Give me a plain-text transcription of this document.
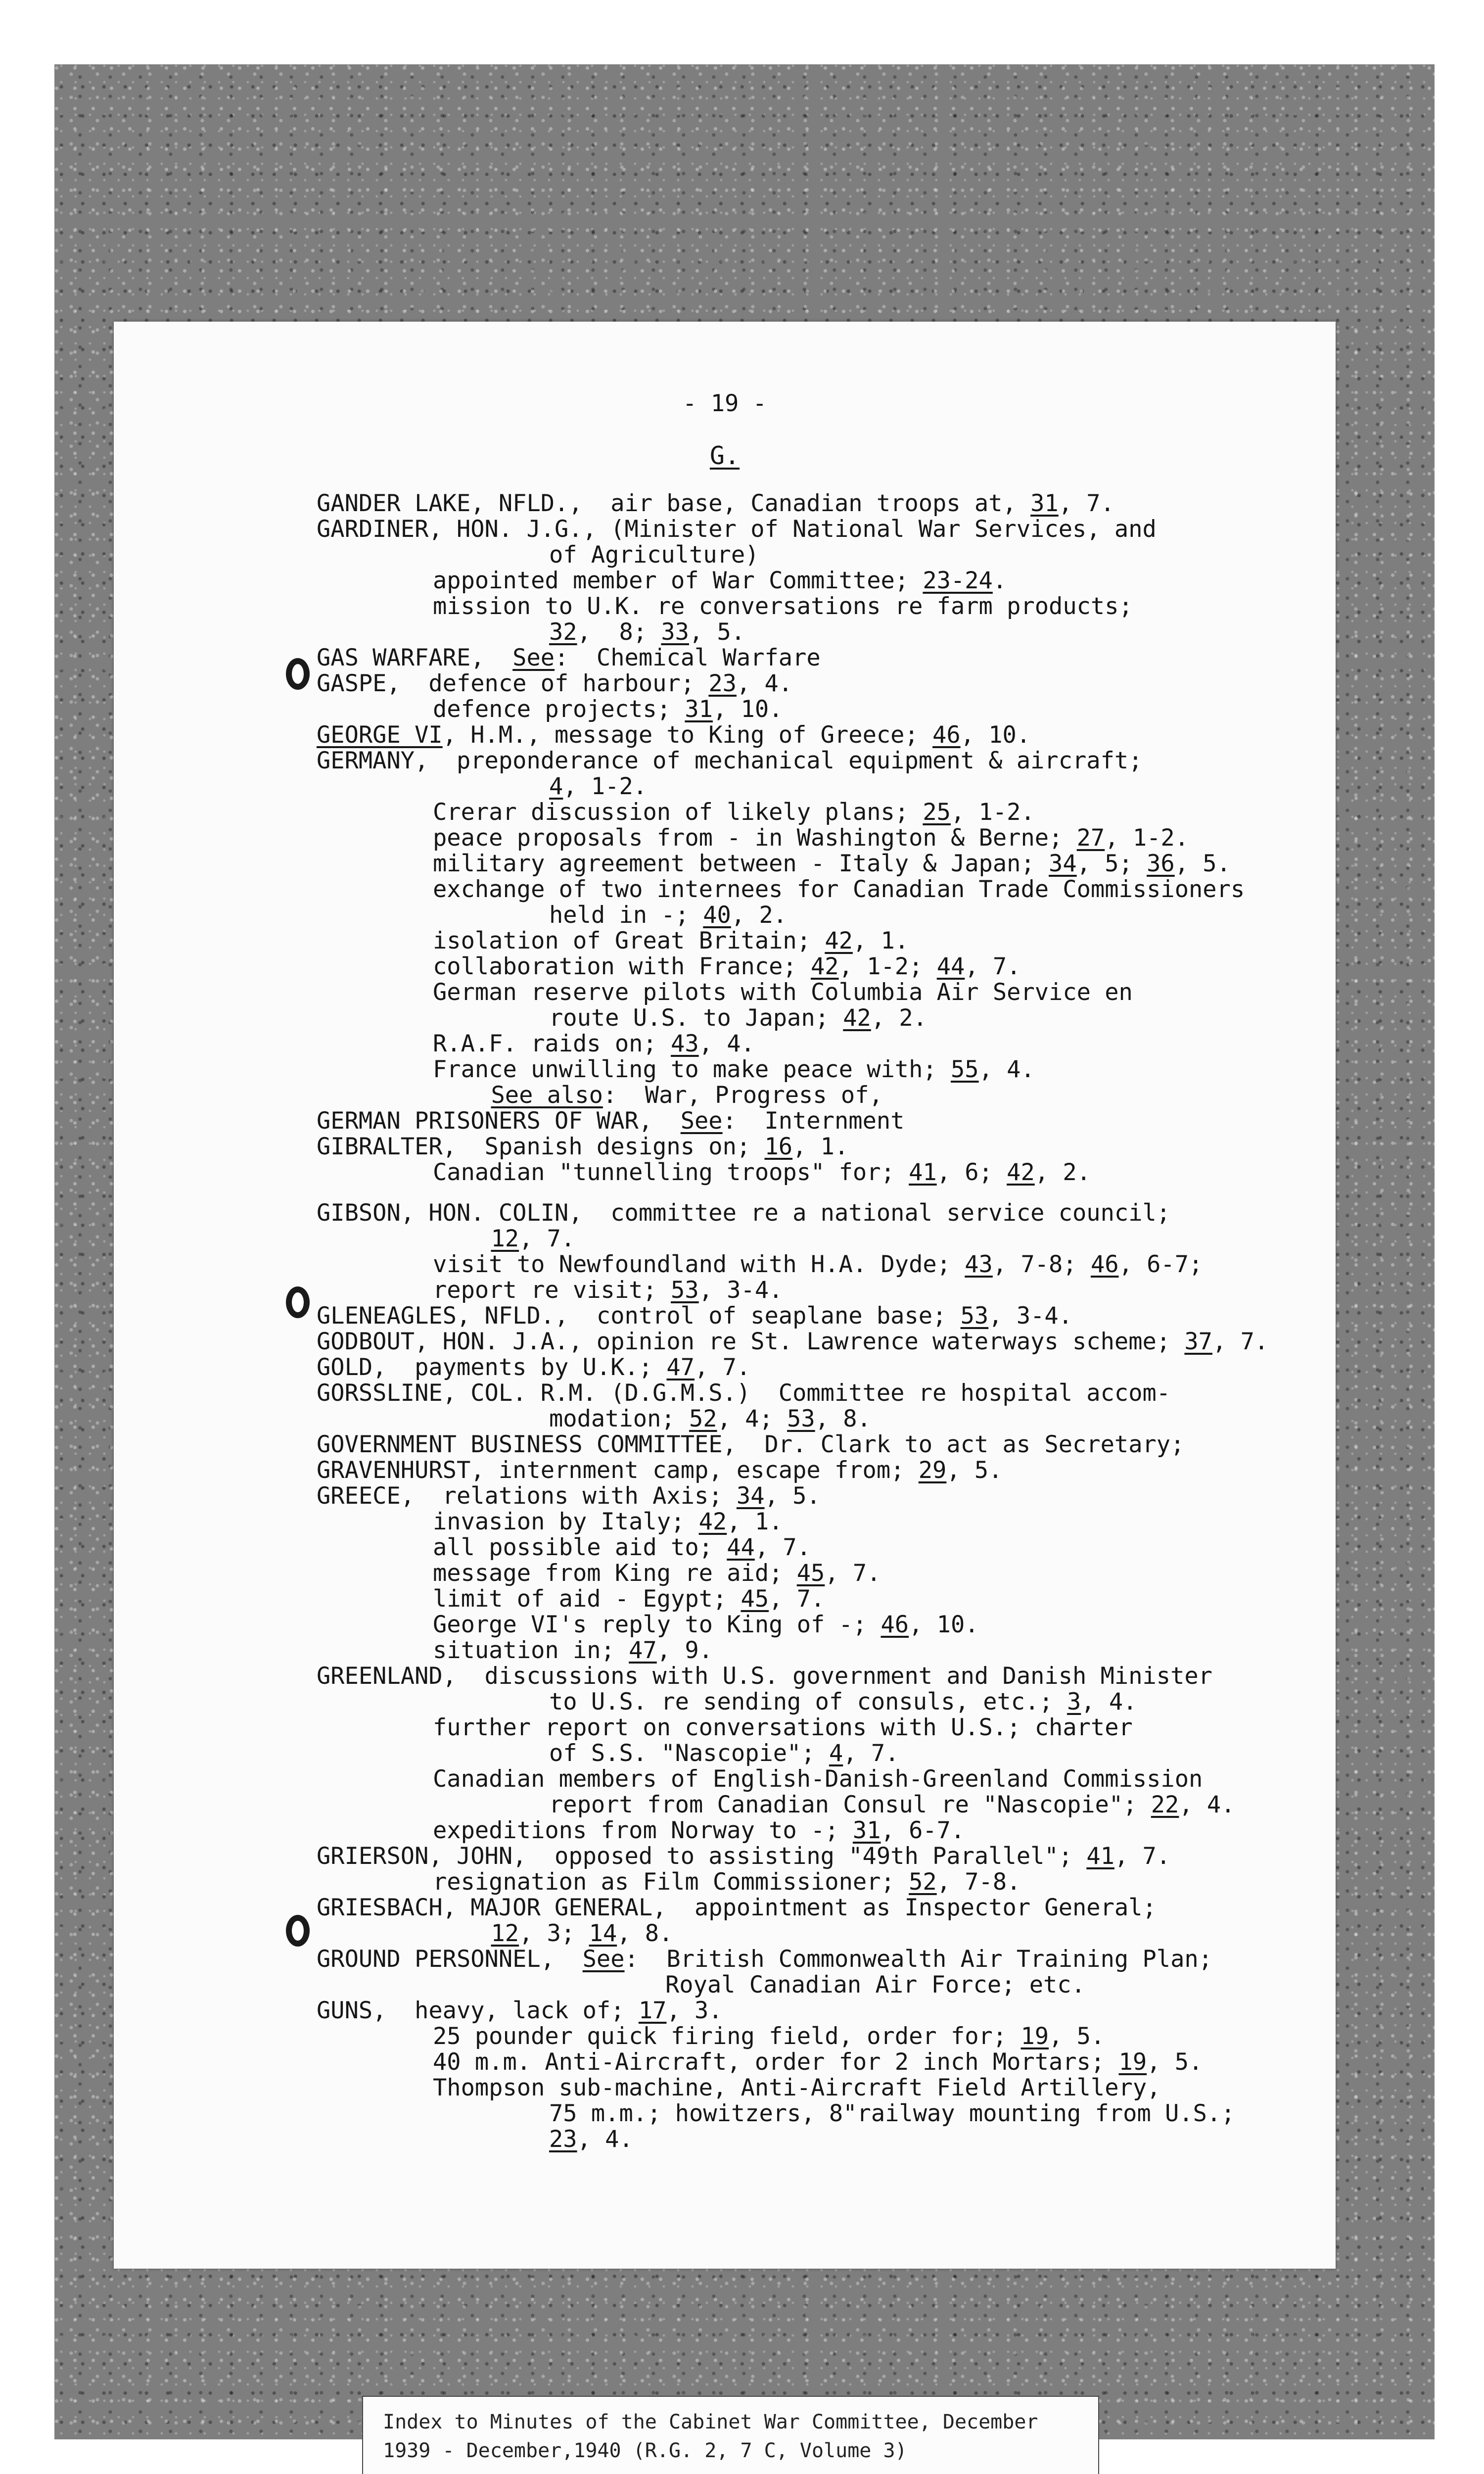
- 19 -
G.
GANDER LAKE, NFLD.,  air base, Canadian troops at, 31, 7.
GARDINER, HON. J.G., (Minister of National War Services, and
of Agriculture)
appointed member of War Committee; 23-24.
mission to U.K. re conversations re farm products;
32,  8; 33, 5.
GAS WARFARE,  See:  Chemical Warfare
GASPE,  defence of harbour; 23, 4.
defence projects; 31, 10.
GEORGE VI, H.M., message to King of Greece; 46, 10.
GERMANY,  preponderance of mechanical equipment & aircraft;
4, 1-2.
Crerar discussion of likely plans; 25, 1-2.
peace proposals from - in Washington & Berne; 27, 1-2.
military agreement between - Italy & Japan; 34, 5; 36, 5.
exchange of two internees for Canadian Trade Commissioners
held in -; 40, 2.
isolation of Great Britain; 42, 1.
collaboration with France; 42, 1-2; 44, 7.
German reserve pilots with Columbia Air Service en
route U.S. to Japan; 42, 2.
R.A.F. raids on; 43, 4.
France unwilling to make peace with; 55, 4.
See also:  War, Progress of,
GERMAN PRISONERS OF WAR,  See:  Internment
GIBRALTER,  Spanish designs on; 16, 1.
Canadian "tunnelling troops" for; 41, 6; 42, 2.
GIBSON, HON. COLIN,  committee re a national service council;
12, 7.
visit to Newfoundland with H.A. Dyde; 43, 7-8; 46, 6-7;
report re visit; 53, 3-4.
GLENEAGLES, NFLD.,  control of seaplane base; 53, 3-4.
GODBOUT, HON. J.A., opinion re St. Lawrence waterways scheme; 37, 7.
GOLD,  payments by U.K.; 47, 7.
GORSSLINE, COL. R.M. (D.G.M.S.)  Committee re hospital accom-
modation; 52, 4; 53, 8.
GOVERNMENT BUSINESS COMMITTEE,  Dr. Clark to act as Secretary;
GRAVENHURST, internment camp, escape from; 29, 5.
GREECE,  relations with Axis; 34, 5.
invasion by Italy; 42, 1.
all possible aid to; 44, 7.
message from King re aid; 45, 7.
limit of aid - Egypt; 45, 7.
George VI's reply to King of -; 46, 10.
situation in; 47, 9.
GREENLAND,  discussions with U.S. government and Danish Minister
to U.S. re sending of consuls, etc.; 3, 4.
further report on conversations with U.S.; charter
of S.S. "Nascopie"; 4, 7.
Canadian members of English-Danish-Greenland Commission
report from Canadian Consul re "Nascopie"; 22, 4.
expeditions from Norway to -; 31, 6-7.
GRIERSON, JOHN,  opposed to assisting "49th Parallel"; 41, 7.
resignation as Film Commissioner; 52, 7-8.
GRIESBACH, MAJOR GENERAL,  appointment as Inspector General;
12, 3; 14, 8.
GROUND PERSONNEL,  See:  British Commonwealth Air Training Plan;
Royal Canadian Air Force; etc.
GUNS,  heavy, lack of; 17, 3.
25 pounder quick firing field, order for; 19, 5.
40 m.m. Anti-Aircraft, order for 2 inch Mortars; 19, 5.
Thompson sub-machine, Anti-Aircraft Field Artillery,
75 m.m.; howitzers, 8"railway mounting from U.S.;
23, 4.
Index to Minutes of the Cabinet War Committee, December
1939 - December,1940 (R.G. 2, 7 C, Volume 3)
